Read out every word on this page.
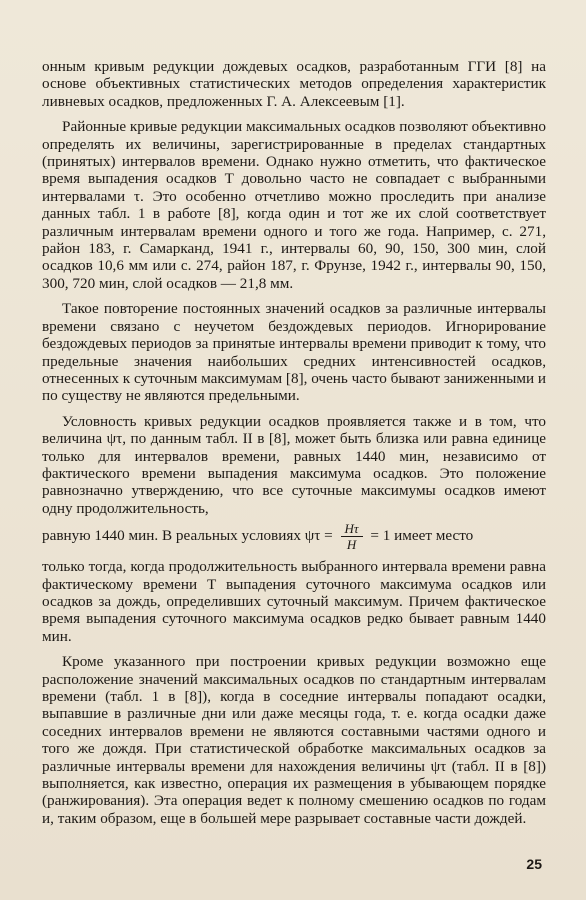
онным кривым редукции дождевых осадков, разработанным ГГИ [8] на основе объективных статистических методов определения характеристик ливневых осадков, предложенных Г. А. Алексеевым [1].

Районные кривые редукции максимальных осадков позволяют объективно определять их величины, зарегистрированные в пределах стандартных (принятых) интервалов времени. Однако нужно отметить, что фактическое время выпадения осадков T довольно часто не совпадает с выбранными интервалами τ. Это особенно отчетливо можно проследить при анализе данных табл. 1 в работе [8], когда один и тот же их слой соответствует различным интервалам времени одного и того же года. Например, с. 271, район 183, г. Самарканд, 1941 г., интервалы 60, 90, 150, 300 мин, слой осадков 10,6 мм или с. 274, район 187, г. Фрунзе, 1942 г., интервалы 90, 150, 300, 720 мин, слой осадков — 21,8 мм.

Такое повторение постоянных значений осадков за различные интервалы времени связано с неучетом бездождевых периодов. Игнорирование бездождевых периодов за принятые интервалы времени приводит к тому, что предельные значения наибольших средних интенсивностей осадков, отнесенных к суточным максимумам [8], очень часто бывают заниженными и по существу не являются предельными.

Условность кривых редукции осадков проявляется также и в том, что величина ψτ, по данным табл. II в [8], может быть близка или равна единице только для интервалов времени, равных 1440 мин, независимо от фактического времени выпадения максимума осадков. Это положение равнозначно утверждению, что все суточные максимумы осадков имеют одну продолжительность,

равную 1440 мин. В реальных условиях $\psi\tau = \frac{H\tau}{H} = 1$ имеет место

только тогда, когда продолжительность выбранного интервала времени равна фактическому времени T выпадения суточного максимума осадков или осадков за дождь, определивших суточный максимум. Причем фактическое время выпадения суточного максимума осадков редко бывает равным 1440 мин.

Кроме указанного при построении кривых редукции возможно еще расположение значений максимальных осадков по стандартным интервалам времени (табл. 1 в [8]), когда в соседние интервалы попадают осадки, выпавшие в различные дни или даже месяцы года, т. е. когда осадки даже соседних интервалов времени не являются составными частями одного и того же дождя. При статистической обработке максимальных осадков за различные интервалы времени для нахождения величины ψτ (табл. II в [8]) выполняется, как известно, операция их размещения в убывающем порядке (ранжирования). Эта операция ведет к полному смешению осадков по годам и, таким образом, еще в большей мере разрывает составные части дождей.

25
